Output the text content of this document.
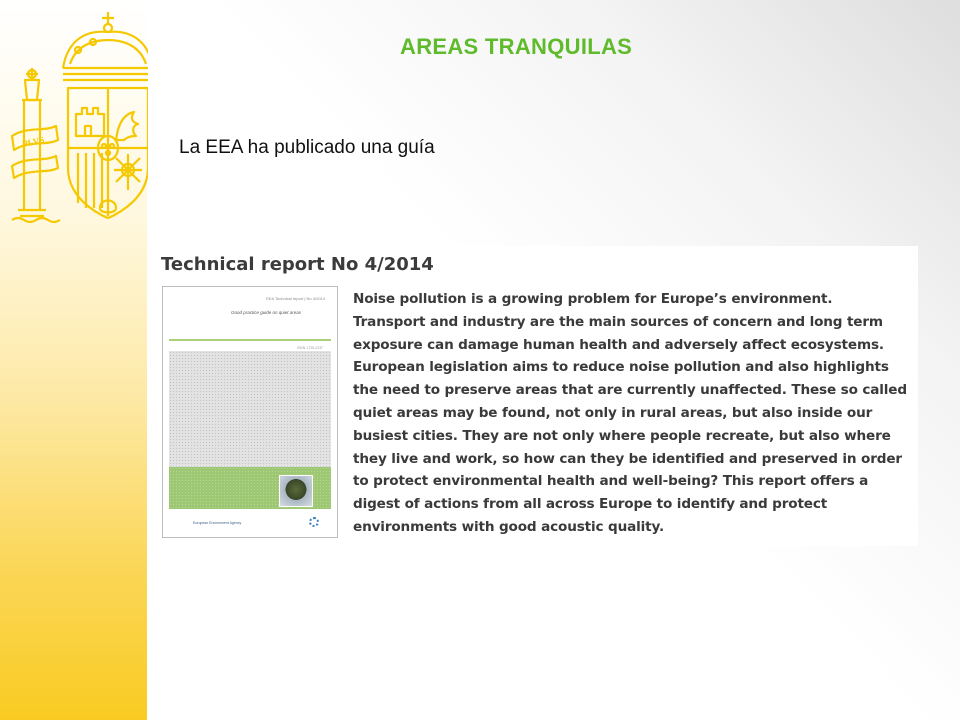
PLVS
AREAS TRANQUILAS
La EEA ha publicado una guía
Technical report No 4/2014
EEA Technical report | No 4/2014
Good practice guide on quiet areas
ISSN 1725-2237
European Environment Agency
Noise pollution is a growing problem for Europe’s environment. Transport and industry are the main sources of concern and long term exposure can damage human health and adversely affect ecosystems. European legislation aims to reduce noise pollution and also highlights the need to preserve areas that are currently unaffected. These so called quiet areas may be found, not only in rural areas, but also inside our busiest cities. They are not only where people recreate, but also where they live and work, so how can they be identified and preserved in order to protect environmental health and well-being? This report offers a digest of actions from all across Europe to identify and protect environments with good acoustic quality.
